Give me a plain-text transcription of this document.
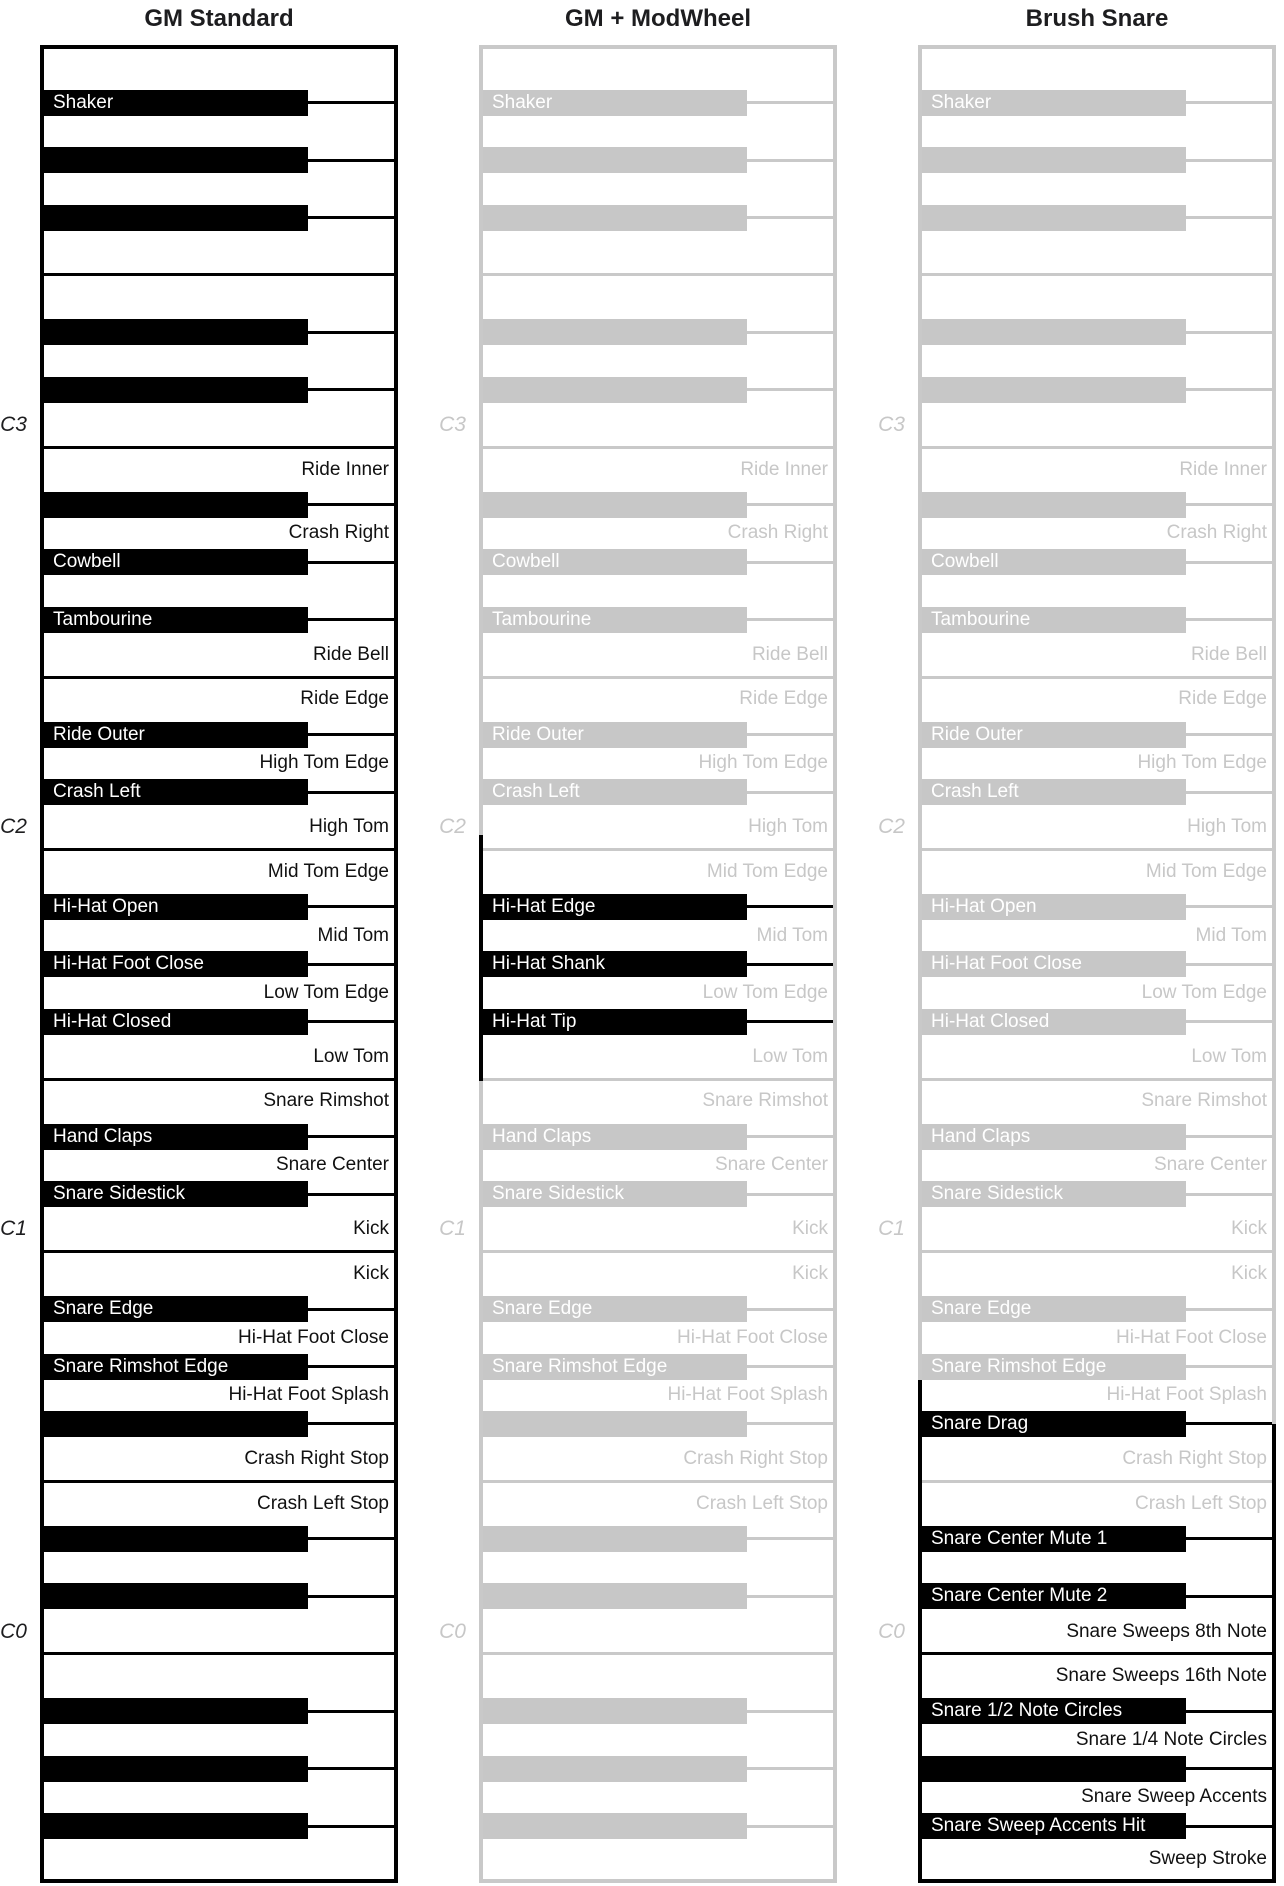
GM Standard
Ride Inner
Crash Right
Ride Bell
Ride Edge
High Tom Edge
High Tom
Mid Tom Edge
Mid Tom
Low Tom Edge
Low Tom
Snare Rimshot
Snare Center
Kick
Kick
Hi-Hat Foot Close
Hi-Hat Foot Splash
Crash Right Stop
Crash Left Stop
Shaker
Cowbell
Tambourine
Ride Outer
Crash Left
Hi-Hat Open
Hi-Hat Foot Close
Hi-Hat Closed
Hand Claps
Snare Sidestick
Snare Edge
Snare Rimshot Edge
C3
C2
C1
C0
GM + ModWheel
Ride Inner
Crash Right
Ride Bell
Ride Edge
High Tom Edge
High Tom
Mid Tom Edge
Mid Tom
Low Tom Edge
Low Tom
Snare Rimshot
Snare Center
Kick
Kick
Hi-Hat Foot Close
Hi-Hat Foot Splash
Crash Right Stop
Crash Left Stop
Shaker
Cowbell
Tambourine
Ride Outer
Crash Left
Hi-Hat Edge
Hi-Hat Shank
Hi-Hat Tip
Hand Claps
Snare Sidestick
Snare Edge
Snare Rimshot Edge
C3
C2
C1
C0
Brush Snare
Ride Inner
Crash Right
Ride Bell
Ride Edge
High Tom Edge
High Tom
Mid Tom Edge
Mid Tom
Low Tom Edge
Low Tom
Snare Rimshot
Snare Center
Kick
Kick
Hi-Hat Foot Close
Hi-Hat Foot Splash
Crash Right Stop
Crash Left Stop
Snare Sweeps 8th Note
Snare Sweeps 16th Note
Snare 1/4 Note Circles
Snare Sweep Accents
Sweep Stroke
Shaker
Cowbell
Tambourine
Ride Outer
Crash Left
Hi-Hat Open
Hi-Hat Foot Close
Hi-Hat Closed
Hand Claps
Snare Sidestick
Snare Edge
Snare Rimshot Edge
Snare Drag
Snare Center Mute 1
Snare Center Mute 2
Snare 1/2 Note Circles
Snare Sweep Accents Hit
C3
C2
C1
C0
